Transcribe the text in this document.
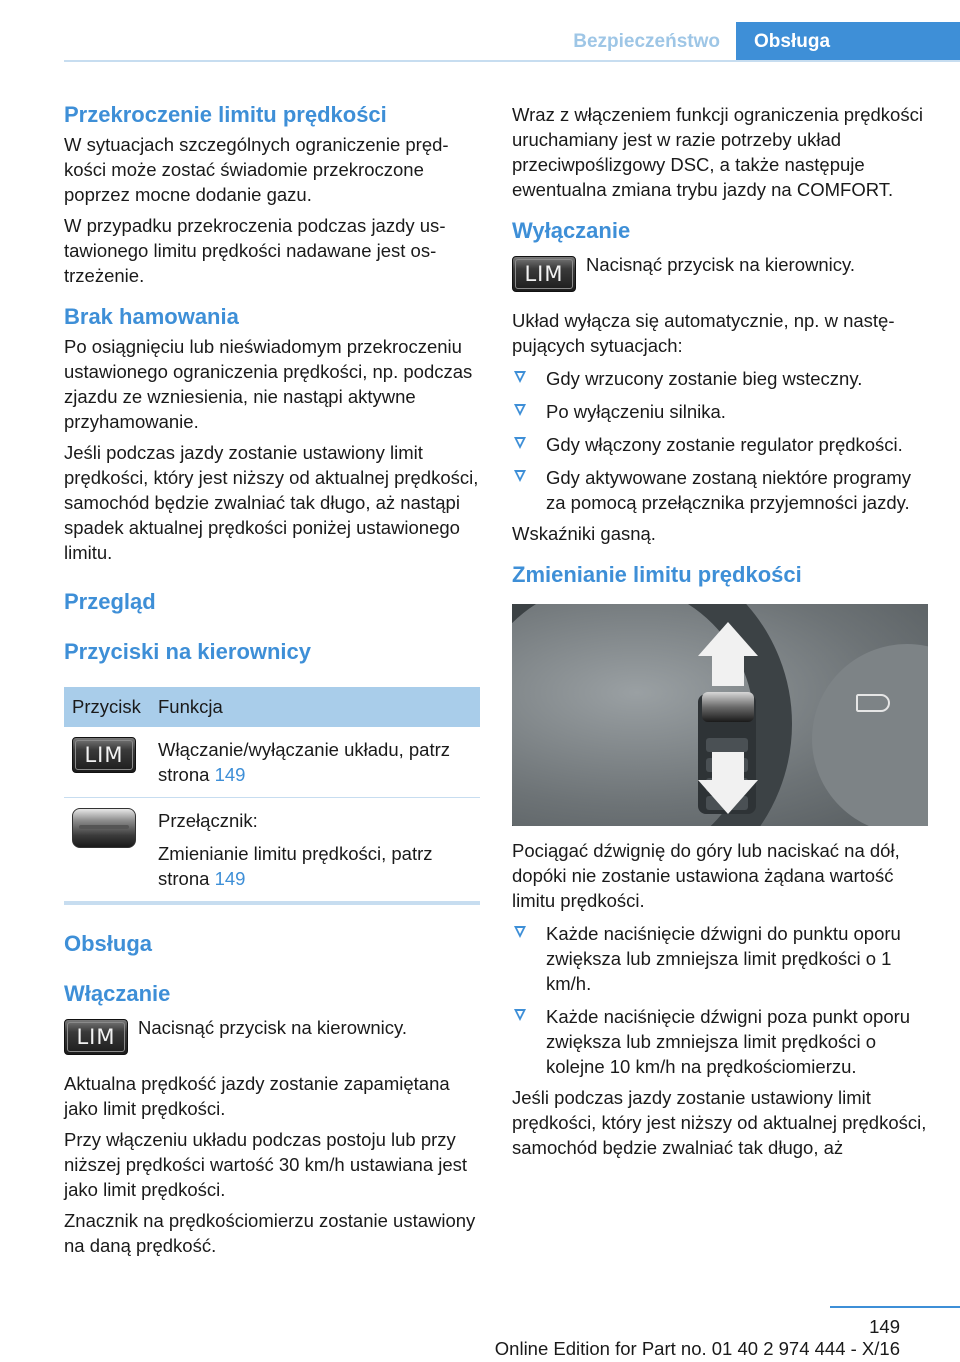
Bezpieczeństwo	Obsługa
Przekroczenie limitu prędkości

W sytuacjach szczególnych ograniczenie prędkości może zostać świadomie przekroczone poprzez mocne dodanie gazu.

W przypadku przekroczenia podczas jazdy ustawionego limitu prędkości nadawane jest ostrzeżenie.

Brak hamowania

Po osiągnięciu lub nieświadomym przekroczeniu ustawionego ograniczenia prędkości, np. podczas zjazdu ze wzniesienia, nie nastąpi aktywne przyhamowanie.

Jeśli podczas jazdy zostanie ustawiony limit prędkości, który jest niższy od aktualnej prędkości, samochód będzie zwalniać tak długo, aż nastąpi spadek aktualnej prędkości poniżej ustawionego limitu.

Przegląd
Przyciski na kierownicy
Przycisk	Funkcja

LIM	Włączanie/wyłączanie układu, patrz strona 149

	Przełącznik:
Zmienianie limitu prędkości, patrz strona 149
Obsługa
Włączanie
LIM	Nacisnąć przycisk na kierownicy.

Aktualna prędkość jazdy zostanie zapamiętana jako limit prędkości.

Przy włączeniu układu podczas postoju lub przy niższej prędkości wartość 30 km/h ustawiana jest jako limit prędkości.

Znacznik na prędkościomierzu zostanie ustawiony na daną prędkość.

Wraz z włączeniem funkcji ograniczenia prędkości uruchamiany jest w razie potrzeby układ przeciwpoślizgowy DSC, a także następuje ewentualna zmiana trybu jazdy na COMFORT.

Wyłączanie
LIM	Nacisnąć przycisk na kierownicy.

Układ wyłącza się automatycznie, np. w następujących sytuacjach:

Gdy wrzucony zostanie bieg wsteczny.
Po wyłączeniu silnika.
Gdy włączony zostanie regulator prędkości.
Gdy aktywowane zostaną niektóre programy za pomocą przełącznika przyjemności jazdy.

Wskaźniki gasną.

Zmienianie limitu prędkości

Pociągać dźwignię do góry lub naciskać na dół, dopóki nie zostanie ustawiona żądana wartość limitu prędkości.

Każde naciśnięcie dźwigni do punktu oporu zwiększa lub zmniejsza limit prędkości o 1 km/h.
Każde naciśnięcie dźwigni poza punkt oporu zwiększa lub zmniejsza limit prędkości o kolejne 10 km/h na prędkościomierzu.

Jeśli podczas jazdy zostanie ustawiony limit prędkości, który jest niższy od aktualnej prędkości, samochód będzie zwalniać tak długo, aż

149
Online Edition for Part no. 01 40 2 974 444 - X/16
